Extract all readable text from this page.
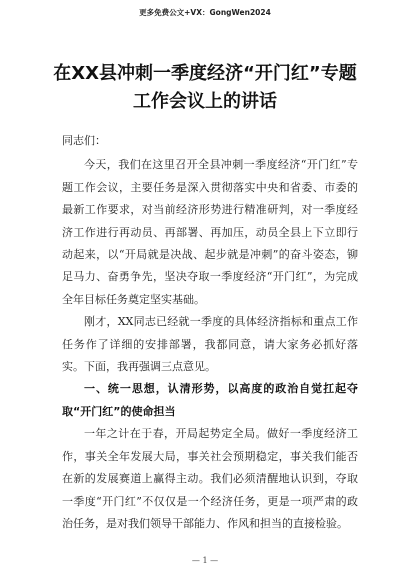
更多免费公文+VX：GongWen2024
在XX县冲刺一季度经济“开门红”专题
工作会议上的讲话

同志们：

今天，我们在这里召开全县冲刺一季度经济“开门红”专题工作会议，主要任务是深入贯彻落实中央和省委、市委的最新工作要求，对当前经济形势进行精准研判，对一季度经济工作进行再动员、再部署、再加压，动员全县上下立即行动起来，以“开局就是决战、起步就是冲刺”的奋斗姿态，铆足马力、奋勇争先，坚决夺取一季度经济“开门红”，为完成全年目标任务奠定坚实基础。

刚才，XX同志已经就一季度的具体经济指标和重点工作任务作了详细的安排部署，我都同意，请大家务必抓好落实。下面，我再强调三点意见。

一、统一思想，认清形势，以高度的政治自觉扛起夺取“开门红”的使命担当

一年之计在于春，开局起势定全局。做好一季度经济工作，事关全年发展大局，事关社会预期稳定，事关我们能否在新的发展赛道上赢得主动。我们必须清醒地认识到，夺取一季度“开门红”不仅仅是一个经济任务，更是一项严肃的政治任务，是对我们领导干部能力、作风和担当的直接检验。

— 1 —
